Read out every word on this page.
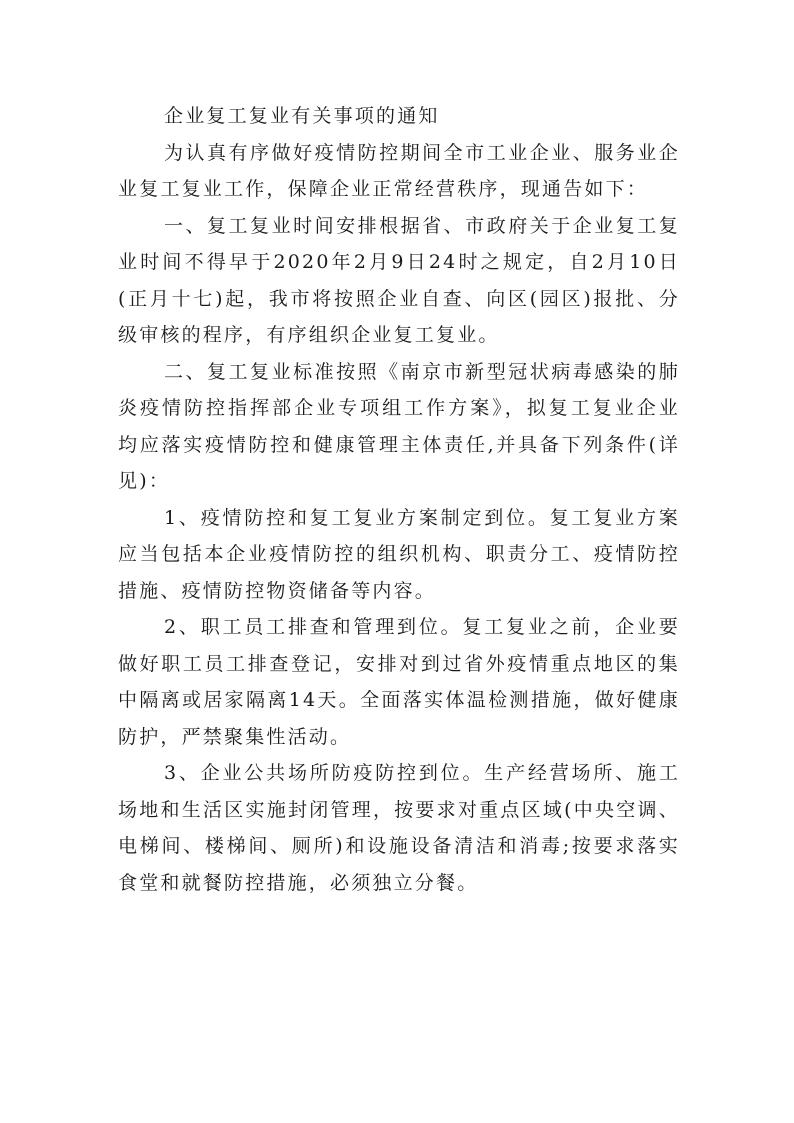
企业复工复业有关事项的通知

为认真有序做好疫情防控期间全市工业企业、服务业企业复工复业工作，保障企业正常经营秩序，现通告如下：

一、复工复业时间安排根据省、市政府关于企业复工复业时间不得早于2020年2月9日24时之规定，自2月10日(正月十七)起，我市将按照企业自查、向区(园区)报批、分级审核的程序，有序组织企业复工复业。

二、复工复业标准按照《南京市新型冠状病毒感染的肺炎疫情防控指挥部企业专项组工作方案》，拟复工复业企业均应落实疫情防控和健康管理主体责任,并具备下列条件(详见)：

1、疫情防控和复工复业方案制定到位。复工复业方案应当包括本企业疫情防控的组织机构、职责分工、疫情防控措施、疫情防控物资储备等内容。

2、职工员工排查和管理到位。复工复业之前，企业要做好职工员工排查登记，安排对到过省外疫情重点地区的集中隔离或居家隔离14天。全面落实体温检测措施，做好健康防护，严禁聚集性活动。

3、企业公共场所防疫防控到位。生产经营场所、施工场地和生活区实施封闭管理，按要求对重点区域(中央空调、电梯间、楼梯间、厕所)和设施设备清洁和消毒;按要求落实食堂和就餐防控措施，必须独立分餐。
